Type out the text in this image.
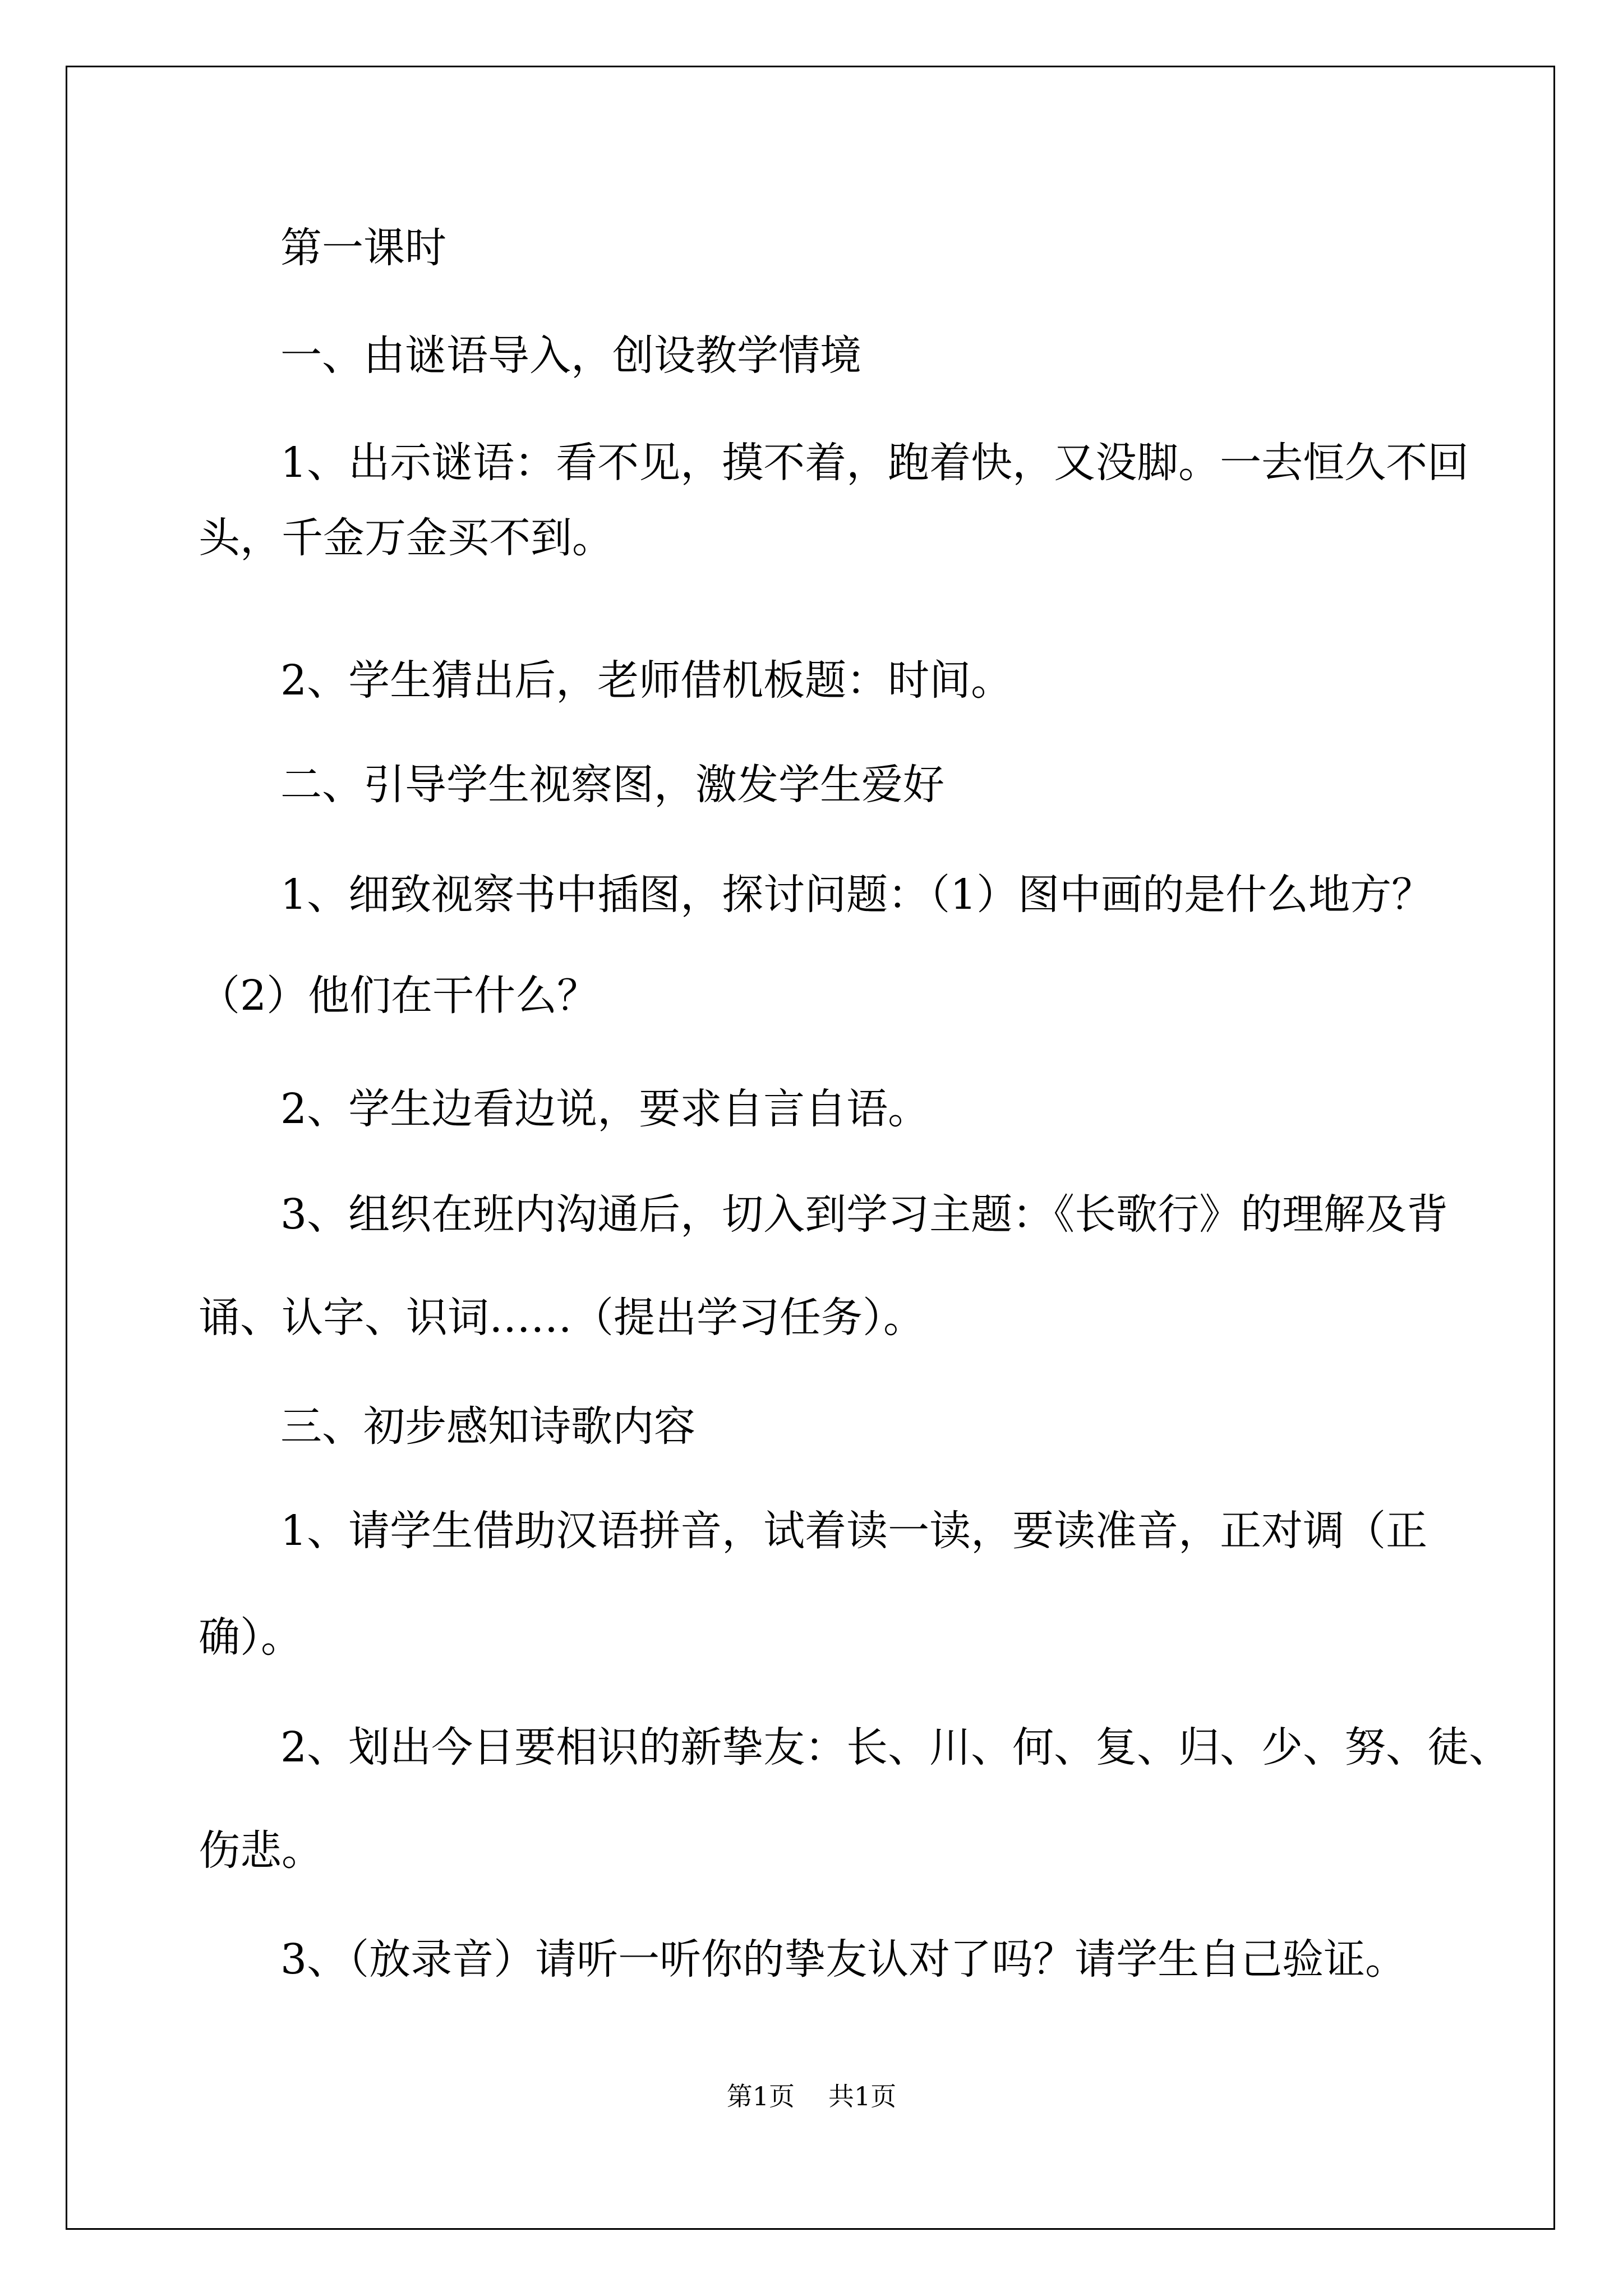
第一课时

一、由谜语导入，创设教学情境

1、出示谜语：看不见，摸不着，跑着快，又没脚。一去恒久不回

头，千金万金买不到。

2、学生猜出后，老师借机板题：时间。

二、引导学生视察图，激发学生爱好

1、细致视察书中插图，探讨问题：（1）图中画的是什么地方？

（2）他们在干什么？

2、学生边看边说，要求自言自语。

3、组织在班内沟通后，切入到学习主题：《长歌行》的理解及背

诵、认字、识词……（提出学习任务）。

三、初步感知诗歌内容

1、请学生借助汉语拼音，试着读一读，要读准音，正对调（正

确）。

2、划出今日要相识的新挚友：长、川、何、复、归、少、努、徒、

伤悲。

3、（放录音）请听一听你的挚友认对了吗？请学生自己验证。

第1页 共1页
